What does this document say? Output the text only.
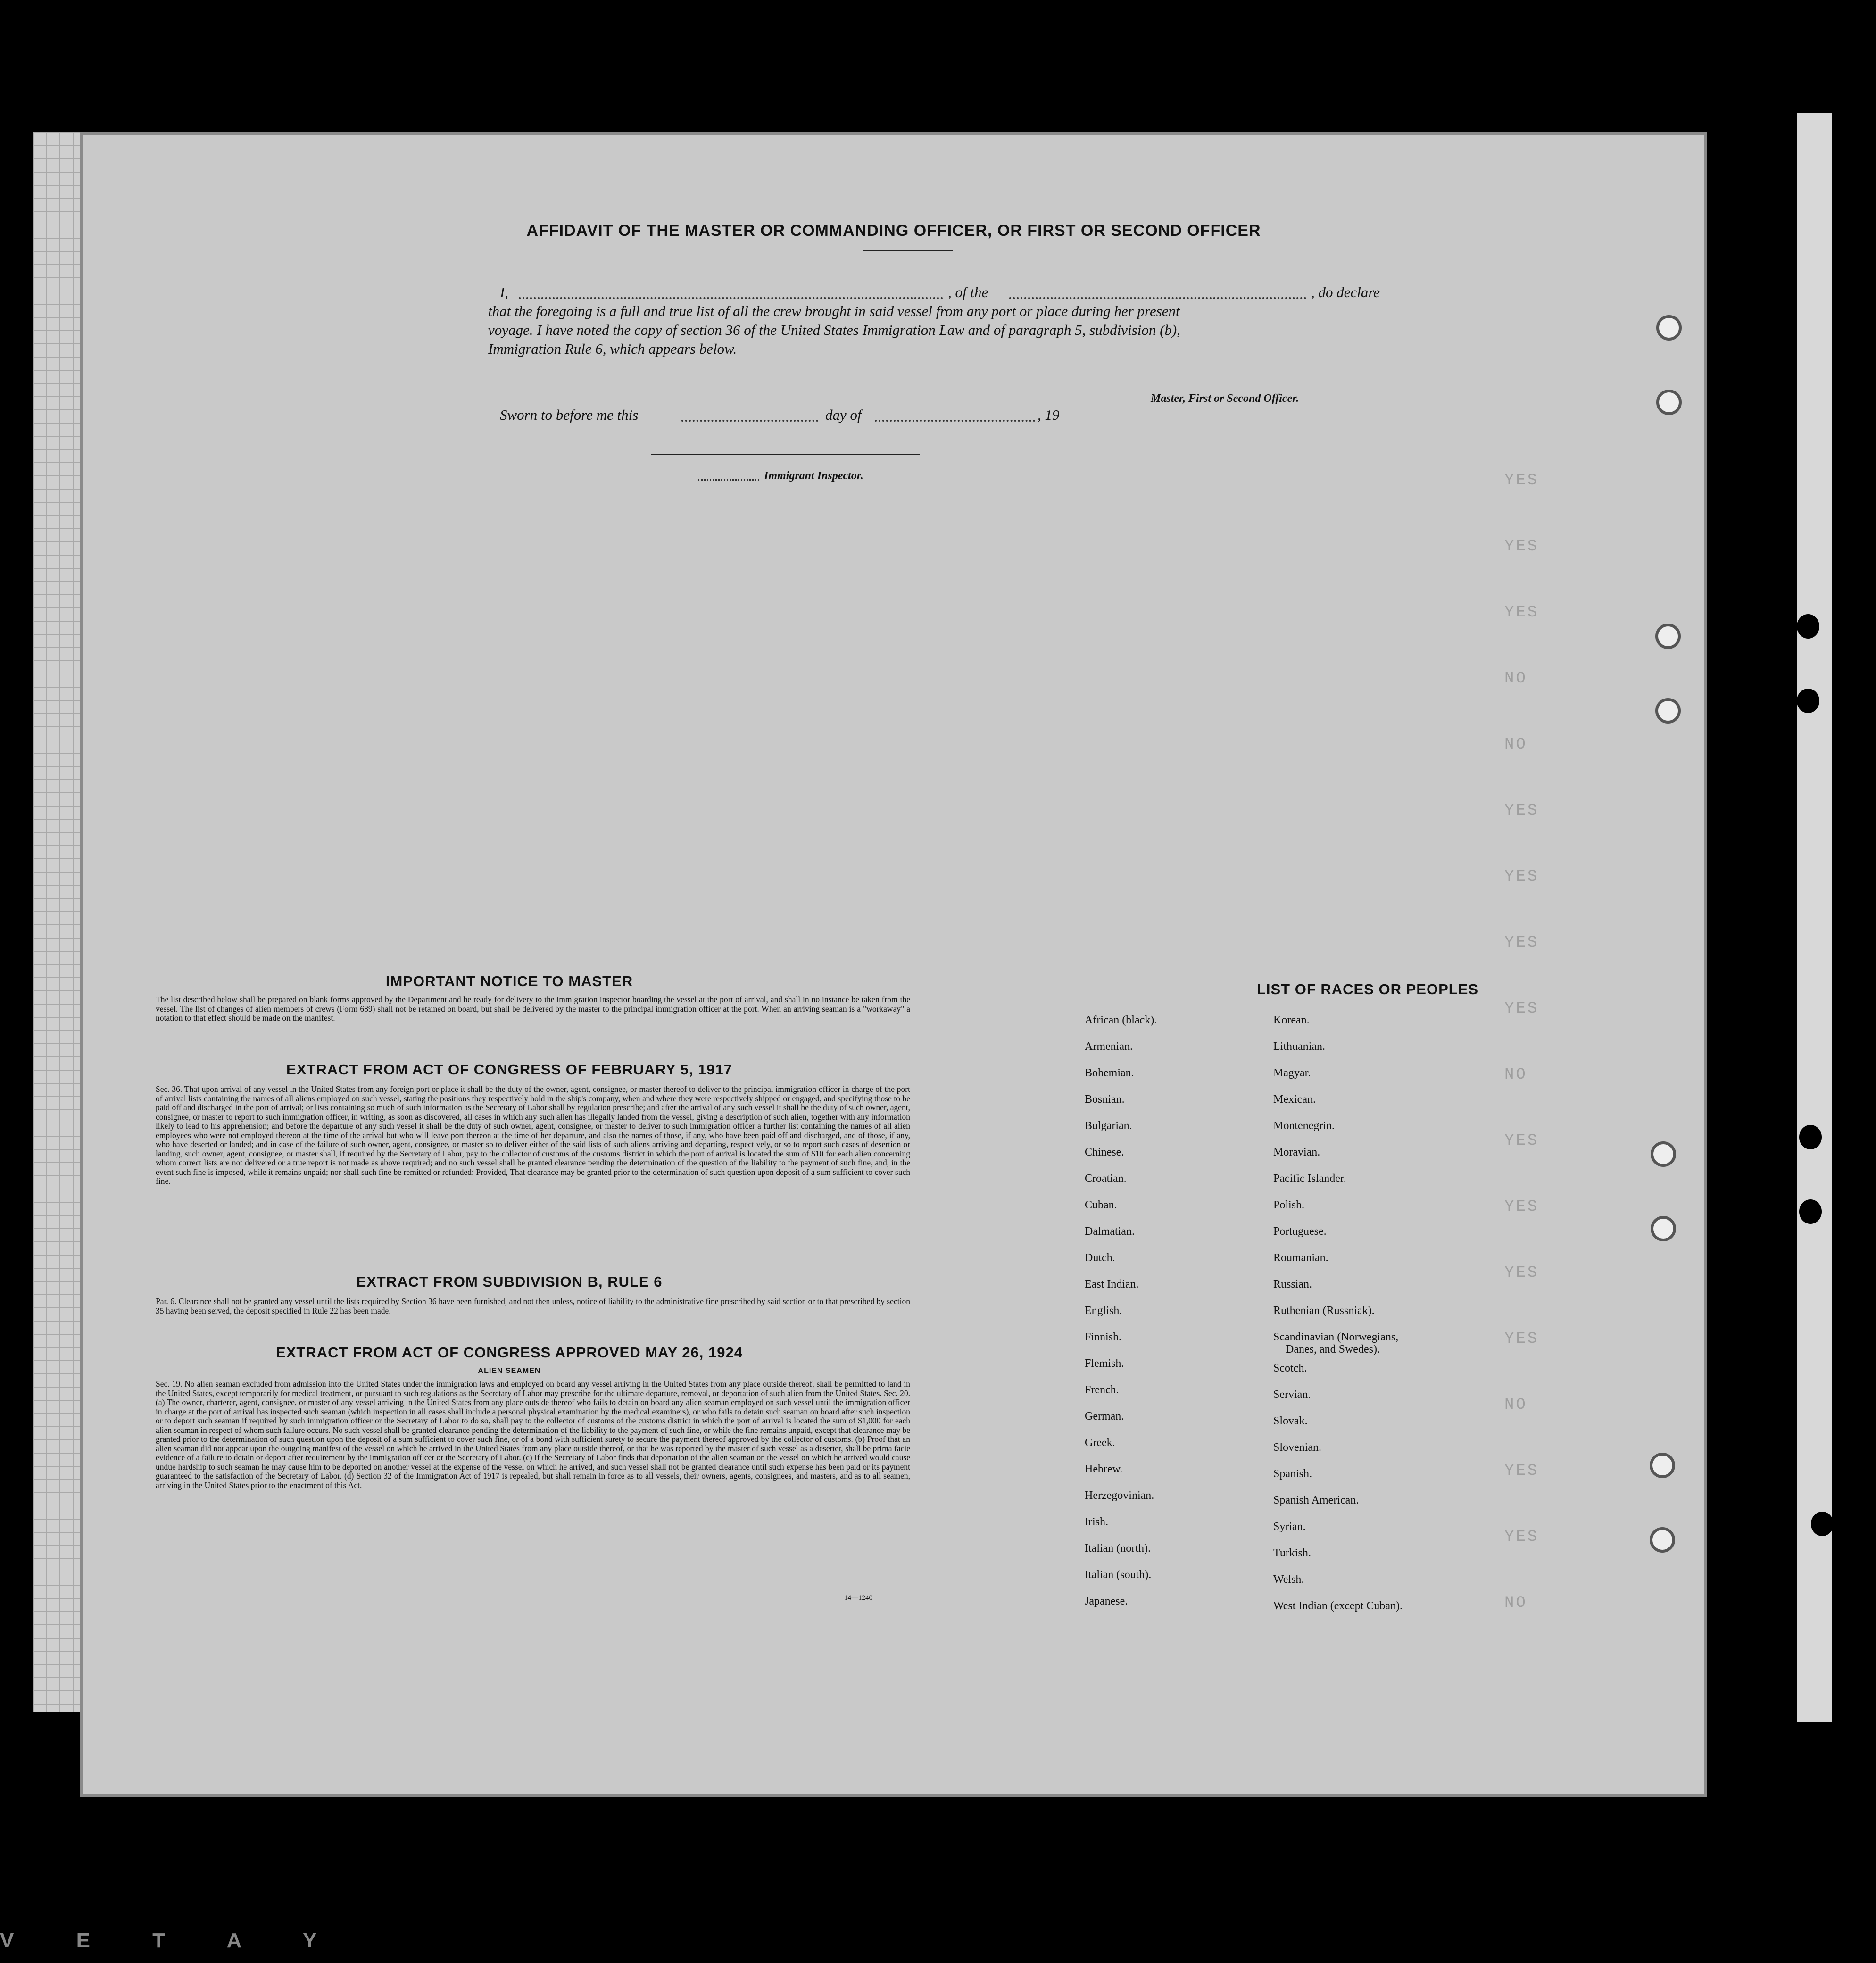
V E T A Y
YES
YES
YES
NO
NO
YES
YES
YES
YES
NO
YES
YES
YES
YES
NO
YES
YES
NO
AFFIDAVIT OF THE MASTER OR COMMANDING OFFICER, OR FIRST OR SECOND OFFICER
I,	, of the	, do declare
that the foregoing is a full and true list of all the crew brought in said vessel from any port or place during her present
voyage. I have noted the copy of section 36 of the United States Immigration Law and of paragraph 5, subdivision (b),
Immigration Rule 6, which appears below.
Master, First or Second Officer.
Sworn to before me this	day of	, 19
Immigrant Inspector.
IMPORTANT NOTICE TO MASTER
The list described below shall be prepared on blank forms approved by the Department and be ready for delivery to the immigration inspector boarding the vessel at the port of arrival, and shall in no instance be taken from the vessel. The list of changes of alien members of crews (Form 689) shall not be retained on board, but shall be delivered by the master to the principal immigration officer at the port. When an arriving seaman is a "workaway" a notation to that effect should be made on the manifest.
EXTRACT FROM ACT OF CONGRESS OF FEBRUARY 5, 1917
Sec. 36. That upon arrival of any vessel in the United States from any foreign port or place it shall be the duty of the owner, agent, consignee, or master thereof to deliver to the principal immigration officer in charge of the port of arrival lists containing the names of all aliens employed on such vessel, stating the positions they respectively hold in the ship's company, when and where they were respectively shipped or engaged, and specifying those to be paid off and discharged in the port of arrival; or lists containing so much of such information as the Secretary of Labor shall by regulation prescribe; and after the arrival of any such vessel it shall be the duty of such owner, agent, consignee, or master to report to such immigration officer, in writing, as soon as discovered, all cases in which any such alien has illegally landed from the vessel, giving a description of such alien, together with any information likely to lead to his apprehension; and before the departure of any such vessel it shall be the duty of such owner, agent, consignee, or master to deliver to such immigration officer a further list containing the names of all alien employees who were not employed thereon at the time of the arrival but who will leave port thereon at the time of her departure, and also the names of those, if any, who have been paid off and discharged, and of those, if any, who have deserted or landed; and in case of the failure of such owner, agent, consignee, or master so to deliver either of the said lists of such aliens arriving and departing, respectively, or so to report such cases of desertion or landing, such owner, agent, consignee, or master shall, if required by the Secretary of Labor, pay to the collector of customs of the customs district in which the port of arrival is located the sum of $10 for each alien concerning whom correct lists are not delivered or a true report is not made as above required; and no such vessel shall be granted clearance pending the determination of the question of the liability to the payment of such fine, and, in the event such fine is imposed, while it remains unpaid; nor shall such fine be remitted or refunded: Provided, That clearance may be granted prior to the determination of such question upon deposit of a sum sufficient to cover such fine.
EXTRACT FROM SUBDIVISION B, RULE 6
Par. 6. Clearance shall not be granted any vessel until the lists required by Section 36 have been furnished, and not then unless, notice of liability to the administrative fine prescribed by said section or to that prescribed by section 35 having been served, the deposit specified in Rule 22 has been made.
EXTRACT FROM ACT OF CONGRESS APPROVED MAY 26, 1924
ALIEN SEAMEN
Sec. 19. No alien seaman excluded from admission into the United States under the immigration laws and employed on board any vessel arriving in the United States from any place outside thereof, shall be permitted to land in the United States, except temporarily for medical treatment, or pursuant to such regulations as the Secretary of Labor may prescribe for the ultimate departure, removal, or deportation of such alien from the United States. Sec. 20. (a) The owner, charterer, agent, consignee, or master of any vessel arriving in the United States from any place outside thereof who fails to detain on board any alien seaman employed on such vessel until the immigration officer in charge at the port of arrival has inspected such seaman (which inspection in all cases shall include a personal physical examination by the medical examiners), or who fails to detain such seaman on board after such inspection or to deport such seaman if required by such immigration officer or the Secretary of Labor to do so, shall pay to the collector of customs of the customs district in which the port of arrival is located the sum of $1,000 for each alien seaman in respect of whom such failure occurs. No such vessel shall be granted clearance pending the determination of the liability to the payment of such fine, or while the fine remains unpaid, except that clearance may be granted prior to the determination of such question upon the deposit of a sum sufficient to cover such fine, or of a bond with sufficient surety to secure the payment thereof approved by the collector of customs. (b) Proof that an alien seaman did not appear upon the outgoing manifest of the vessel on which he arrived in the United States from any place outside thereof, or that he was reported by the master of such vessel as a deserter, shall be prima facie evidence of a failure to detain or deport after requirement by the immigration officer or the Secretary of Labor. (c) If the Secretary of Labor finds that deportation of the alien seaman on the vessel on which he arrived would cause undue hardship to such seaman he may cause him to be deported on another vessel at the expense of the vessel on which he arrived, and such vessel shall not be granted clearance until such expense has been paid or its payment guaranteed to the satisfaction of the Secretary of Labor. (d) Section 32 of the Immigration Act of 1917 is repealed, but shall remain in force as to all vessels, their owners, agents, consignees, and masters, and as to all seamen, arriving in the United States prior to the enactment of this Act.
14—1240
LIST OF RACES OR PEOPLES
African (black).
Armenian.
Bohemian.
Bosnian.
Bulgarian.
Chinese.
Croatian.
Cuban.
Dalmatian.
Dutch.
East Indian.
English.
Finnish.
Flemish.
French.
German.
Greek.
Hebrew.
Herzegovinian.
Irish.
Italian (north).
Italian (south).
Japanese.
Korean.
Lithuanian.
Magyar.
Mexican.
Montenegrin.
Moravian.
Pacific Islander.
Polish.
Portuguese.
Roumanian.
Russian.
Ruthenian (Russniak).
Scandinavian (Norwegians,
Danes, and Swedes).
Scotch.
Servian.
Slovak.
Slovenian.
Spanish.
Spanish American.
Syrian.
Turkish.
Welsh.
West Indian (except Cuban).
